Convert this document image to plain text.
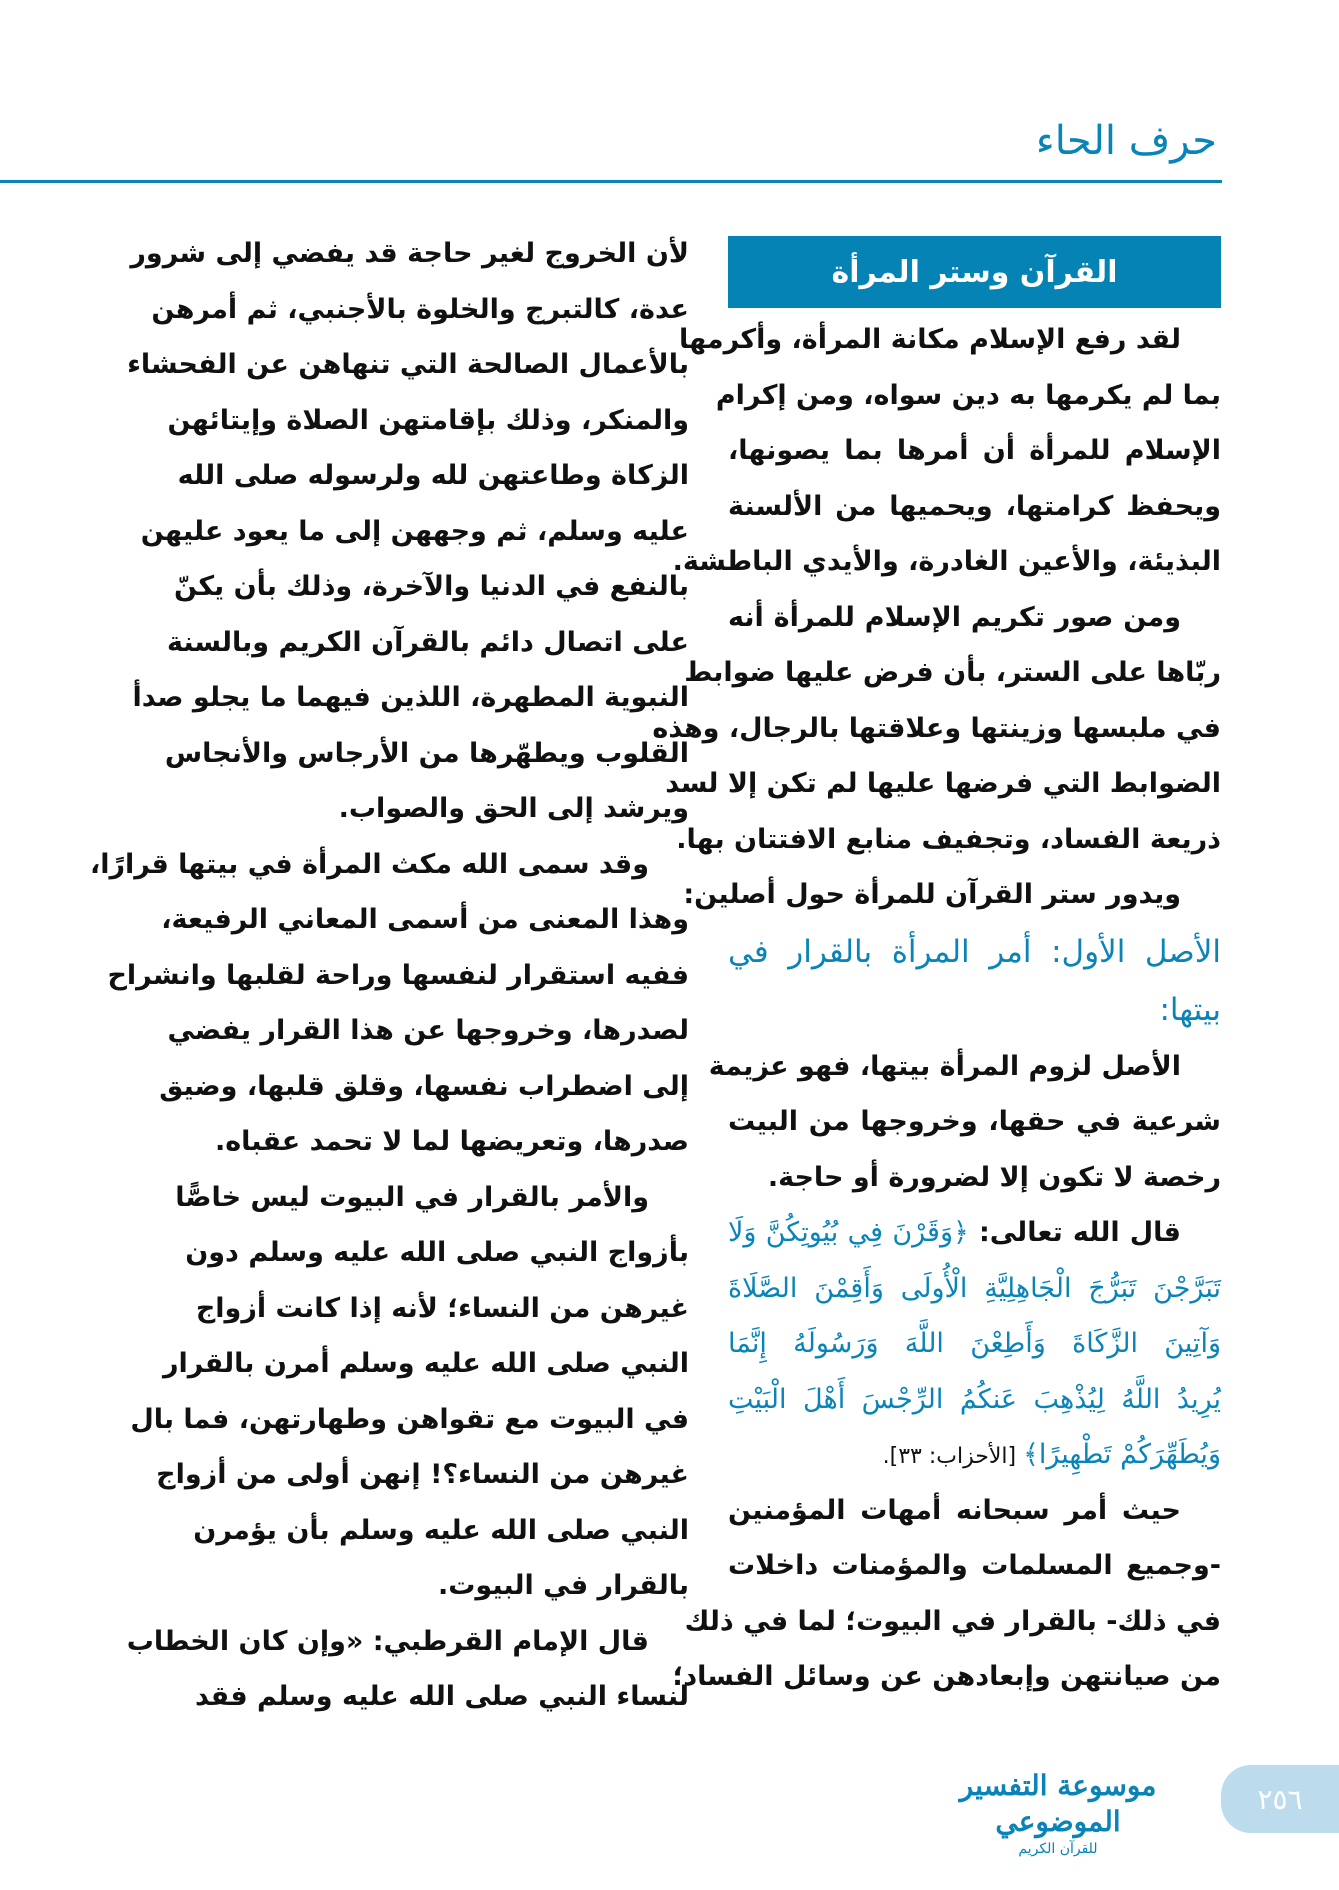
حرف الحاء
القرآن وستر المرأة
لقد رفع الإسلام مكانة المرأة، وأكرمها
بما لم يكرمها به دين سواه، ومن إكرام
الإسلام للمرأة أن أمرها بما يصونها،
ويحفظ كرامتها، ويحميها من الألسنة
البذيئة، والأعين الغادرة، والأيدي الباطشة.
ومن صور تكريم الإسلام للمرأة أنه
ربّاها على الستر، بأن فرض عليها ضوابط
في ملبسها وزينتها وعلاقتها بالرجال، وهذه
الضوابط التي فرضها عليها لم تكن إلا لسد
ذريعة الفساد، وتجفيف منابع الافتتان بها.
ويدور ستر القرآن للمرأة حول أصلين:
الأصل الأول: أمر المرأة بالقرار في
بيتها:
الأصل لزوم المرأة بيتها، فهو عزيمة
شرعية في حقها، وخروجها من البيت
رخصة لا تكون إلا لضرورة أو حاجة.
قال الله تعالى: ﴿وَقَرْنَ فِي بُيُوتِكُنَّ وَلَا
تَبَرَّجْنَ تَبَرُّجَ الْجَاهِلِيَّةِ الْأُولَى وَأَقِمْنَ الصَّلَاةَ
وَآتِينَ الزَّكَاةَ وَأَطِعْنَ اللَّهَ وَرَسُولَهُ إِنَّمَا
يُرِيدُ اللَّهُ لِيُذْهِبَ عَنكُمُ الرِّجْسَ أَهْلَ الْبَيْتِ
وَيُطَهِّرَكُمْ تَطْهِيرًا﴾ [الأحزاب: ٣٣].
حيث أمر سبحانه أمهات المؤمنين
-وجميع المسلمات والمؤمنات داخلات
في ذلك- بالقرار في البيوت؛ لما في ذلك
من صيانتهن وإبعادهن عن وسائل الفساد؛
لأن الخروج لغير حاجة قد يفضي إلى شرور
عدة، كالتبرج والخلوة بالأجنبي، ثم أمرهن
بالأعمال الصالحة التي تنهاهن عن الفحشاء
والمنكر، وذلك بإقامتهن الصلاة وإيتائهن
الزكاة وطاعتهن لله ولرسوله صلى الله
عليه وسلم، ثم وجههن إلى ما يعود عليهن
بالنفع في الدنيا والآخرة، وذلك بأن يكنّ
على اتصال دائم بالقرآن الكريم وبالسنة
النبوية المطهرة، اللذين فيهما ما يجلو صدأ
القلوب ويطهّرها من الأرجاس والأنجاس
ويرشد إلى الحق والصواب.
وقد سمى الله مكث المرأة في بيتها قرارًا،
وهذا المعنى من أسمى المعاني الرفيعة،
ففيه استقرار لنفسها وراحة لقلبها وانشراح
لصدرها، وخروجها عن هذا القرار يفضي
إلى اضطراب نفسها، وقلق قلبها، وضيق
صدرها، وتعريضها لما لا تحمد عقباه.
والأمر بالقرار في البيوت ليس خاصًّا
بأزواج النبي صلى الله عليه وسلم دون
غيرهن من النساء؛ لأنه إذا كانت أزواج
النبي صلى الله عليه وسلم أمرن بالقرار
في البيوت مع تقواهن وطهارتهن، فما بال
غيرهن من النساء؟! إنهن أولى من أزواج
النبي صلى الله عليه وسلم بأن يؤمرن
بالقرار في البيوت.
قال الإمام القرطبي: «وإن كان الخطاب
لنساء النبي صلى الله عليه وسلم فقد
موسوعة التفسير الموضوعي
للقرآن الكريم
٢٥٦
